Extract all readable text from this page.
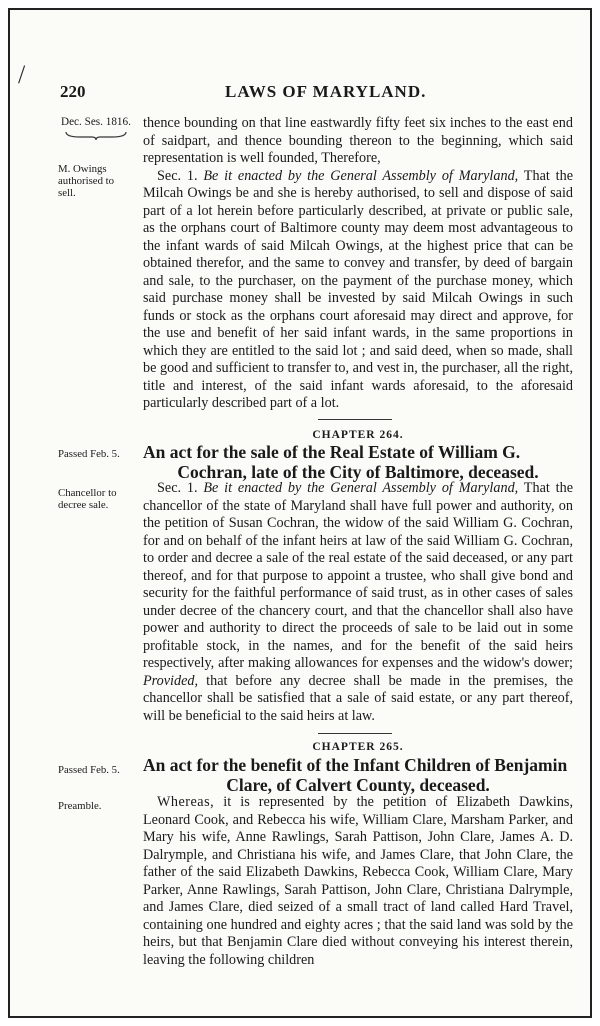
/
220	LAWS OF MARYLAND.
Dec. Ses. 1816.
M. Owings authorised to sell.

thence bounding on that line eastwardly fifty feet six inches to the east end of saidpart, and thence bounding thereon to the beginning, which said representation is well founded, Therefore,

Sec. 1. Be it enacted by the General Assembly of Maryland, That the Milcah Owings be and she is hereby authorised, to sell and dispose of said part of a lot herein before particularly described, at private or public sale, as the orphans court of Baltimore county may deem most advantageous to the infant wards of said Milcah Owings, at the highest price that can be obtained therefor, and the same to convey and transfer, by deed of bargain and sale, to the purchaser, on the payment of the purchase money, which said purchase money shall be invested by said Milcah Owings in such funds or stock as the orphans court aforesaid may direct and approve, for the use and benefit of her said infant wards, in the same proportions in which they are entitled to the said lot ; and said deed, when so made, shall be good and sufficient to transfer to, and vest in, the purchaser, all the right, title and interest, of the said infant wards aforesaid, to the aforesaid particularly described part of a lot.

CHAPTER 264.
Passed Feb. 5.	An act for the sale of the Real Estate of William G.
Cochran, late of the City of Baltimore, deceased.
Chancellor to decree sale.

Sec. 1. Be it enacted by the General Assembly of Maryland, That the chancellor of the state of Maryland shall have full power and authority, on the petition of Susan Cochran, the widow of the said William G. Cochran, for and on behalf of the infant heirs at law of the said William G. Cochran, to order and decree a sale of the real estate of the said deceased, or any part thereof, and for that purpose to appoint a trustee, who shall give bond and security for the faithful performance of said trust, as in other cases of sales under decree of the chancery court, and that the chancellor shall also have power and authority to direct the proceeds of sale to be laid out in some profitable stock, in the names, and for the benefit of the said heirs respectively, after making allowances for expenses and the widow's dower; Provided, that before any decree shall be made in the premises, the chancellor shall be satisfied that a sale of said estate, or any part thereof, will be beneficial to the said heirs at law.

CHAPTER 265.
Passed Feb. 5.	An act for the benefit of the Infant Children of Benjamin
Clare, of Calvert County, deceased.
Preamble.	Whereas, it is represented by the petition of Elizabeth Dawkins, Leonard Cook, and Rebecca his wife, William Clare, Marsham Parker, and Mary his wife, Anne Rawlings, Sarah Pattison, John Clare, James A. D. Dalrymple, and Christiana his wife, and James Clare, that John Clare, the father of the said Elizabeth Dawkins, Rebecca Cook, William Clare, Mary Parker, Anne Rawlings, Sarah Pattison, John Clare, Christiana Dalrymple, and James Clare, died seized of a small tract of land called Hard Travel, containing one hundred and eighty acres ; that the said land was sold by the heirs, but that Benjamin Clare died without conveying his interest therein, leaving the following children
